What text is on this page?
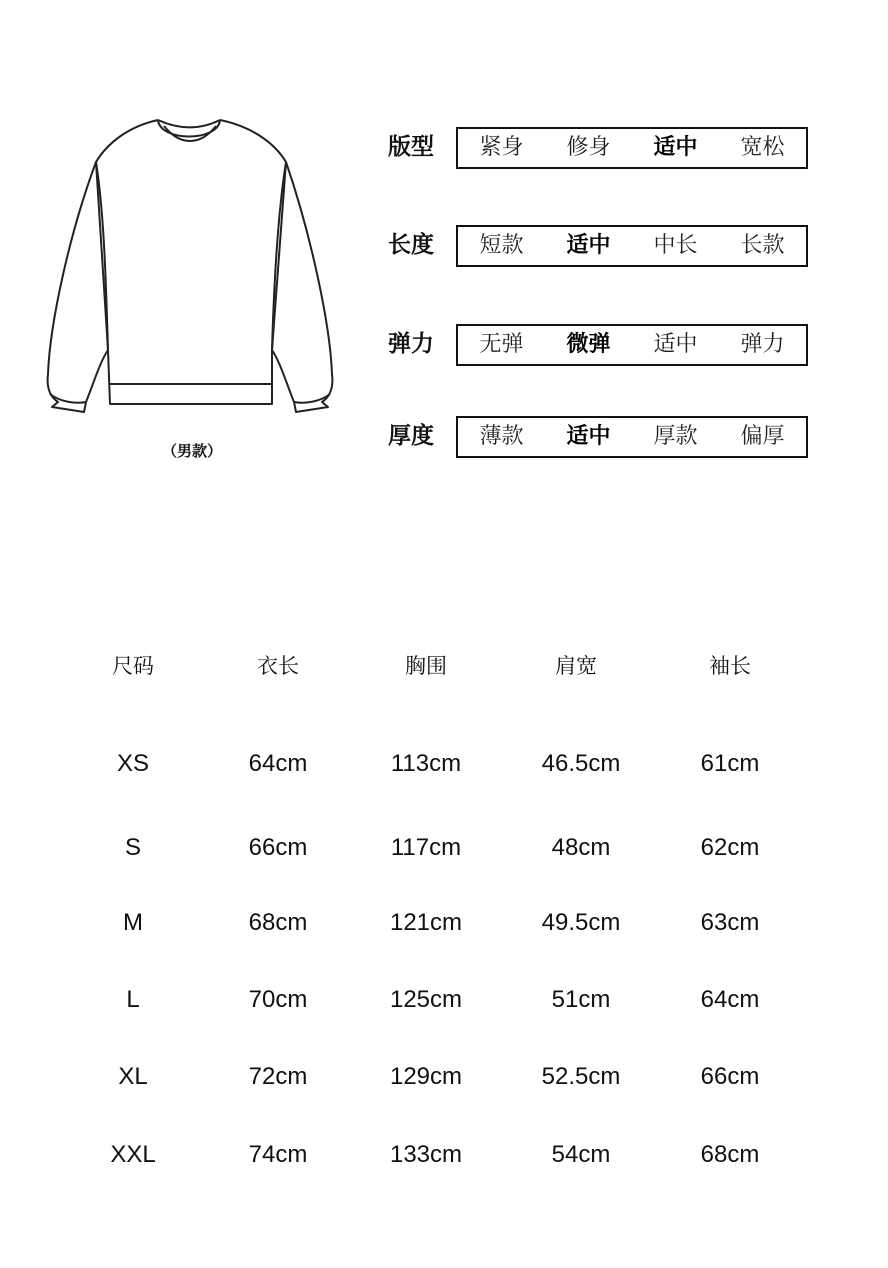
（男款）
版型	紧身	修身	适中	宽松
长度	短款	适中	中长	长款
弹力	无弹	微弹	适中	弹力
厚度	薄款	适中	厚款	偏厚
尺码	衣长	胸围	肩宽	袖长
XS	64cm	113cm	46.5cm	61cm
S	66cm	117cm	48cm	62cm
M	68cm	121cm	49.5cm	63cm
L	70cm	125cm	51cm	64cm
XL	72cm	129cm	52.5cm	66cm
XXL	74cm	133cm	54cm	68cm
